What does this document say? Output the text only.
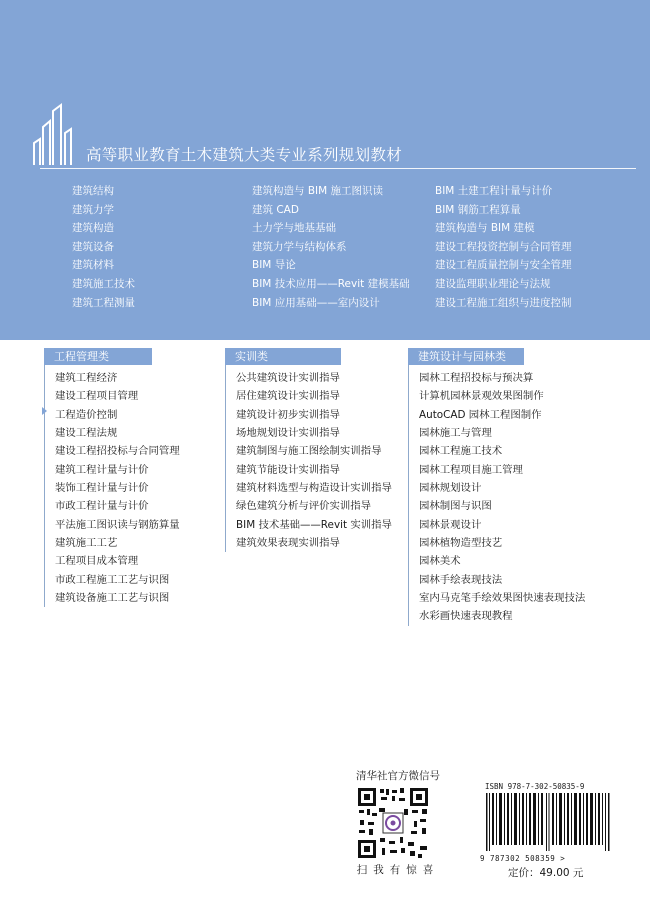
高等职业教育土木建筑大类专业系列规划教材
建筑结构
建筑力学
建筑构造
建筑设备
建筑材料
建筑施工技术
建筑工程测量
建筑构造与 BIM 施工图识读
建筑 CAD
土力学与地基基础
建筑力学与结构体系
BIM 导论
BIM 技术应用——Revit 建模基础
BIM 应用基础——室内设计
BIM 土建工程计量与计价
BIM 钢筋工程算量
建筑构造与 BIM 建模
建设工程投资控制与合同管理
建设工程质量控制与安全管理
建设监理职业理论与法规
建设工程施工组织与进度控制
工程管理类
建筑工程经济
建设工程项目管理
工程造价控制
建设工程法规
建设工程招投标与合同管理
建筑工程计量与计价
装饰工程计量与计价
市政工程计量与计价
平法施工图识读与钢筋算量
建筑施工工艺
工程项目成本管理
市政工程施工工艺与识图
建筑设备施工工艺与识图
实训类
公共建筑设计实训指导
居住建筑设计实训指导
建筑设计初步实训指导
场地规划设计实训指导
建筑制图与施工图绘制实训指导
建筑节能设计实训指导
建筑材料选型与构造设计实训指导
绿色建筑分析与评价实训指导
BIM 技术基础——Revit 实训指导
建筑效果表现实训指导
建筑设计与园林类
园林工程招投标与预决算
计算机园林景观效果图制作
AutoCAD 园林工程图制作
园林施工与管理
园林工程施工技术
园林工程项目施工管理
园林规划设计
园林制图与识图
园林景观设计
园林植物造型技艺
园林美术
园林手绘表现技法
室内马克笔手绘效果图快速表现技法
水彩画快速表现教程
清华社官方微信号
扫我有惊喜
ISBN 978-7-302-50835-9
9 787302 508359 >
定价：49.00 元
